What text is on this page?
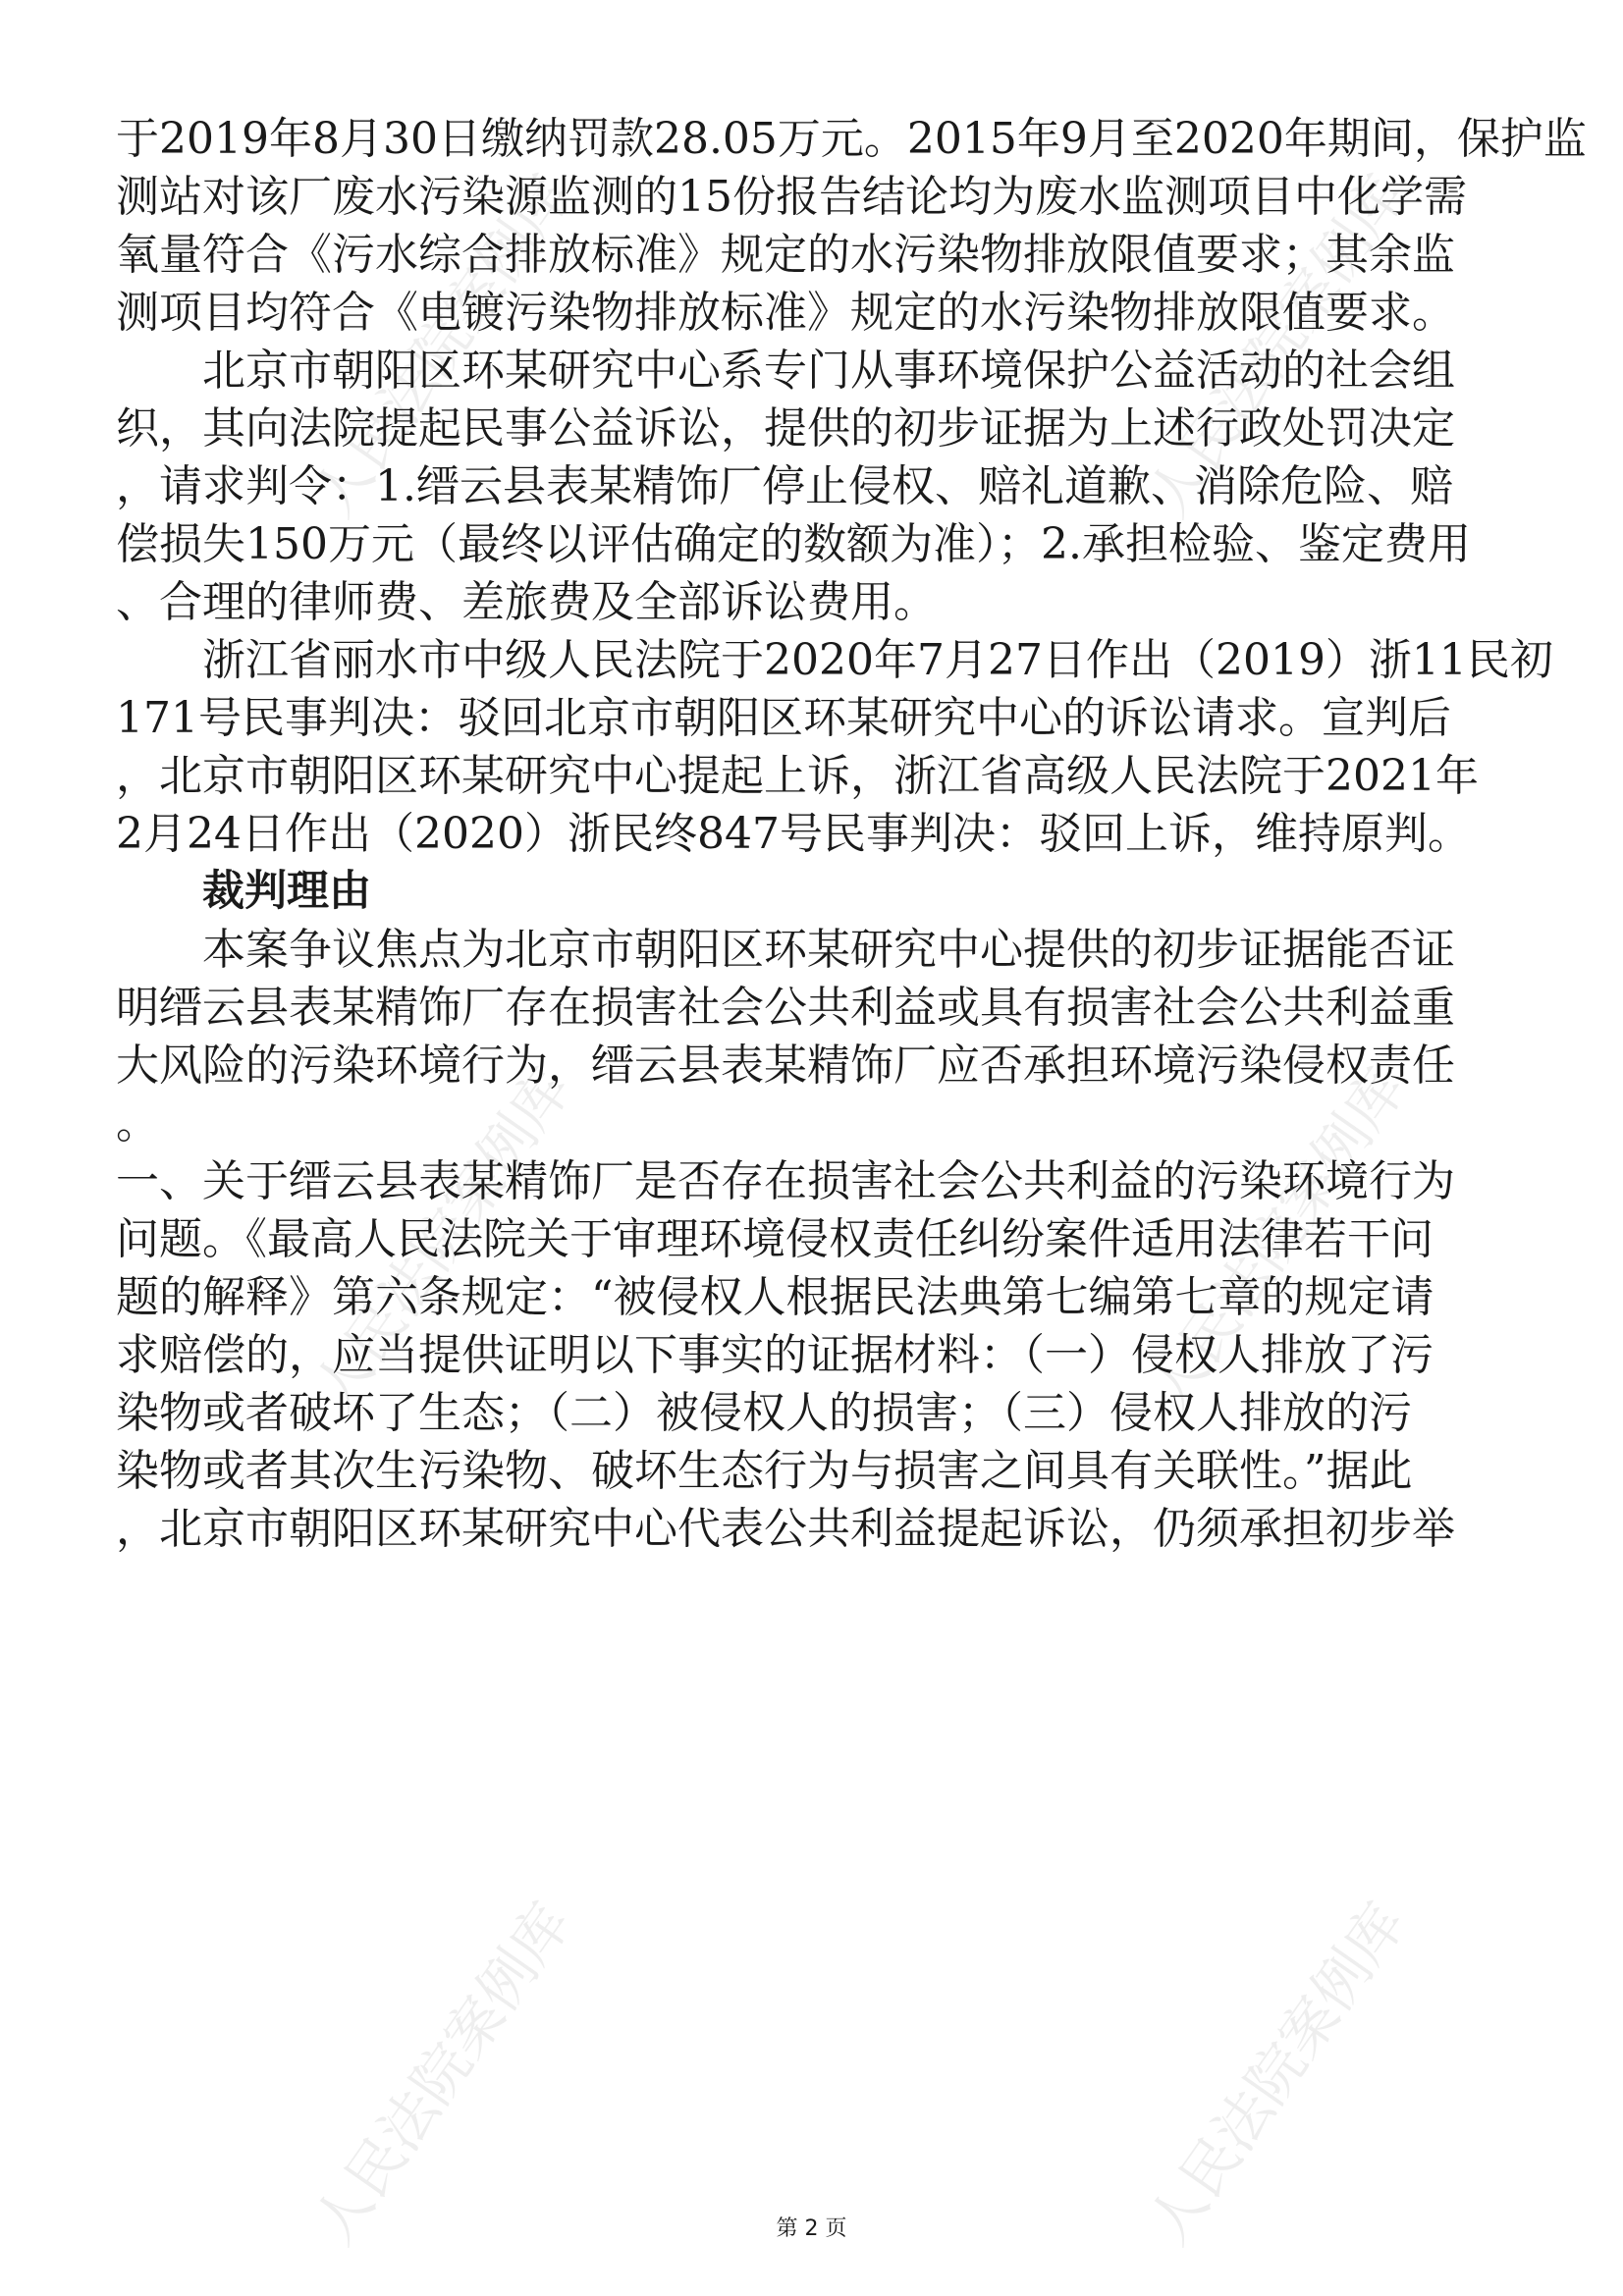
人民法院案例库	人民法院案例库
人民法院案例库	人民法院案例库
人民法院案例库	人民法院案例库

于2019年8月30日缴纳罚款28.05万元。2015年9月至2020年期间，保护监

测站对该厂废水污染源监测的15份报告结论均为废水监测项目中化学需

氧量符合《污水综合排放标准》规定的水污染物排放限值要求；其余监

测项目均符合《电镀污染物排放标准》规定的水污染物排放限值要求。

北京市朝阳区环某研究中心系专门从事环境保护公益活动的社会组

织，其向法院提起民事公益诉讼，提供的初步证据为上述行政处罚决定

，请求判令：1.缙云县表某精饰厂停止侵权、赔礼道歉、消除危险、赔

偿损失150万元（最终以评估确定的数额为准）；2.承担检验、鉴定费用

、合理的律师费、差旅费及全部诉讼费用。

浙江省丽水市中级人民法院于2020年7月27日作出（2019）浙11民初

171号民事判决：驳回北京市朝阳区环某研究中心的诉讼请求。宣判后

，北京市朝阳区环某研究中心提起上诉，浙江省高级人民法院于2021年

2月24日作出（2020）浙民终847号民事判决：驳回上诉，维持原判。

裁判理由

本案争议焦点为北京市朝阳区环某研究中心提供的初步证据能否证

明缙云县表某精饰厂存在损害社会公共利益或具有损害社会公共利益重

大风险的污染环境行为，缙云县表某精饰厂应否承担环境污染侵权责任

。

一、关于缙云县表某精饰厂是否存在损害社会公共利益的污染环境行为

问题。《最高人民法院关于审理环境侵权责任纠纷案件适用法律若干问

题的解释》第六条规定：“被侵权人根据民法典第七编第七章的规定请

求赔偿的，应当提供证明以下事实的证据材料：（一）侵权人排放了污

染物或者破坏了生态；（二）被侵权人的损害；（三）侵权人排放的污

染物或者其次生污染物、破坏生态行为与损害之间具有关联性。”据此

，北京市朝阳区环某研究中心代表公共利益提起诉讼，仍须承担初步举

第 2 页
